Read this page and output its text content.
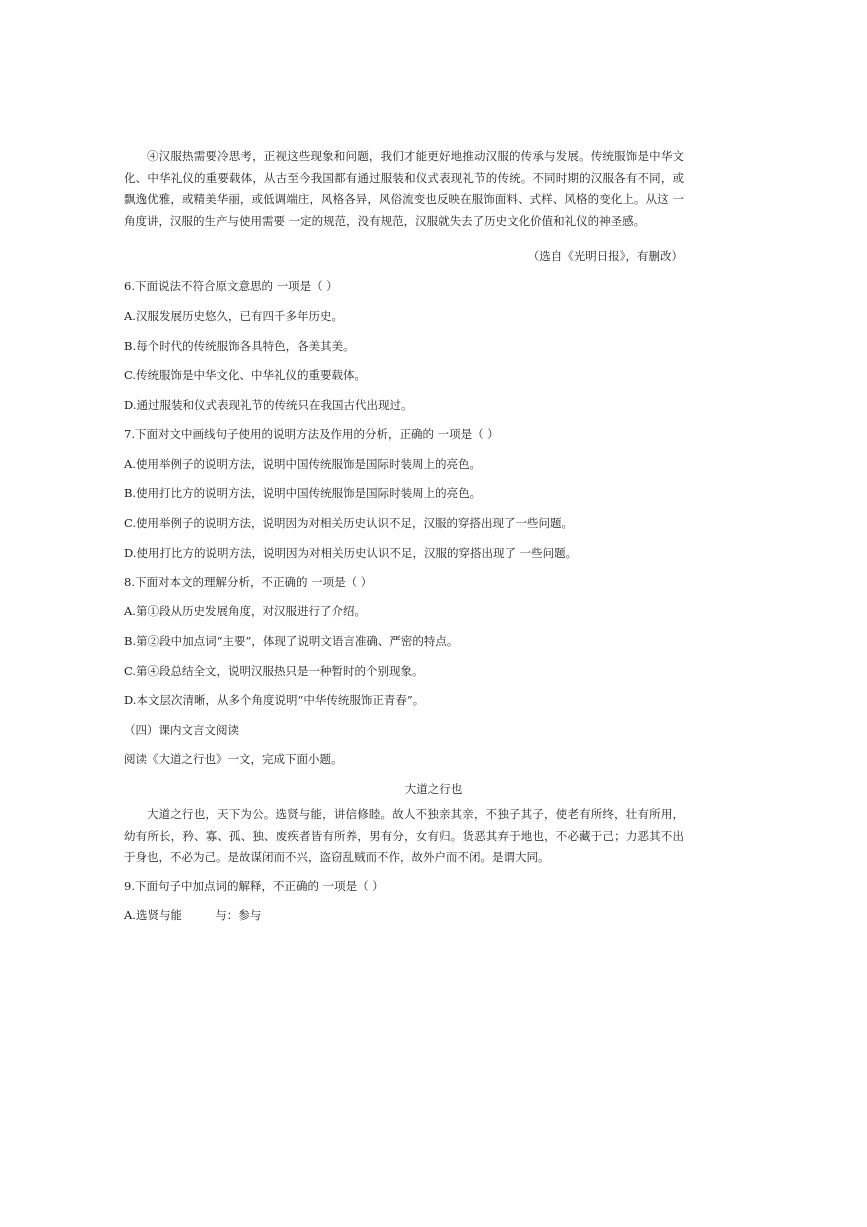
④汉服热需要冷思考，正视这些现象和问题，我们才能更好地推动汉服的传承与发展。传统服饰是中华文化、中华礼仪的重要载体，从古至今我国都有通过服装和仪式表现礼节的传统。不同时期的汉服各有不同，或飘逸优雅，或精美华丽，或低调端庄，风格各异，风俗流变也反映在服饰面料、式样、风格的变化上。从这 一角度讲，汉服的生产与使用需要 一定的规范，没有规范，汉服就失去了历史文化价值和礼仪的神圣感。

（选自《光明日报》，有删改）
6.下面说法不符合原文意思的 一项是（ ）
A.汉服发展历史悠久，已有四千多年历史。
B.每个时代的传统服饰各具特色，各美其美。
C.传统服饰是中华文化、中华礼仪的重要载体。
D.通过服装和仪式表现礼节的传统只在我国古代出现过。
7.下面对文中画线句子使用的说明方法及作用的分析，正确的 一项是（ ）
A.使用举例子的说明方法，说明中国传统服饰是国际时装周上的亮色。
B.使用打比方的说明方法，说明中国传统服饰是国际时装周上的亮色。
C.使用举例子的说明方法，说明因为对相关历史认识不足，汉服的穿搭出现了一些问题。
D.使用打比方的说明方法，说明因为对相关历史认识不足，汉服的穿搭出现了 一些问题。
8.下面对本文的理解分析，不正确的 一项是（ ）
A.第①段从历史发展角度，对汉服进行了介绍。
B.第②段中加点词“主要”，体现了说明文语言准确、严密的特点。
C.第④段总结全文，说明汉服热只是一种暂时的个别现象。
D.本文层次清晰，从多个角度说明“中华传统服饰正青春”。
（四）课内文言文阅读
阅读《大道之行也》一文，完成下面小题。
大道之行也

大道之行也，天下为公。选贤与能，讲信修睦。故人不独亲其亲，不独子其子，使老有所终，壮有所用，幼有所长，矜、寡、孤、独、废疾者皆有所养，男有分，女有归。货恶其弃于地也，不必藏于己；力恶其不出于身也，不必为己。是故谋闭而不兴，盗窃乱贼而不作，故外户而不闭。是谓大同。

9.下面句子中加点词的解释，不正确的 一项是（ ）
A.选贤与能	与：参与
